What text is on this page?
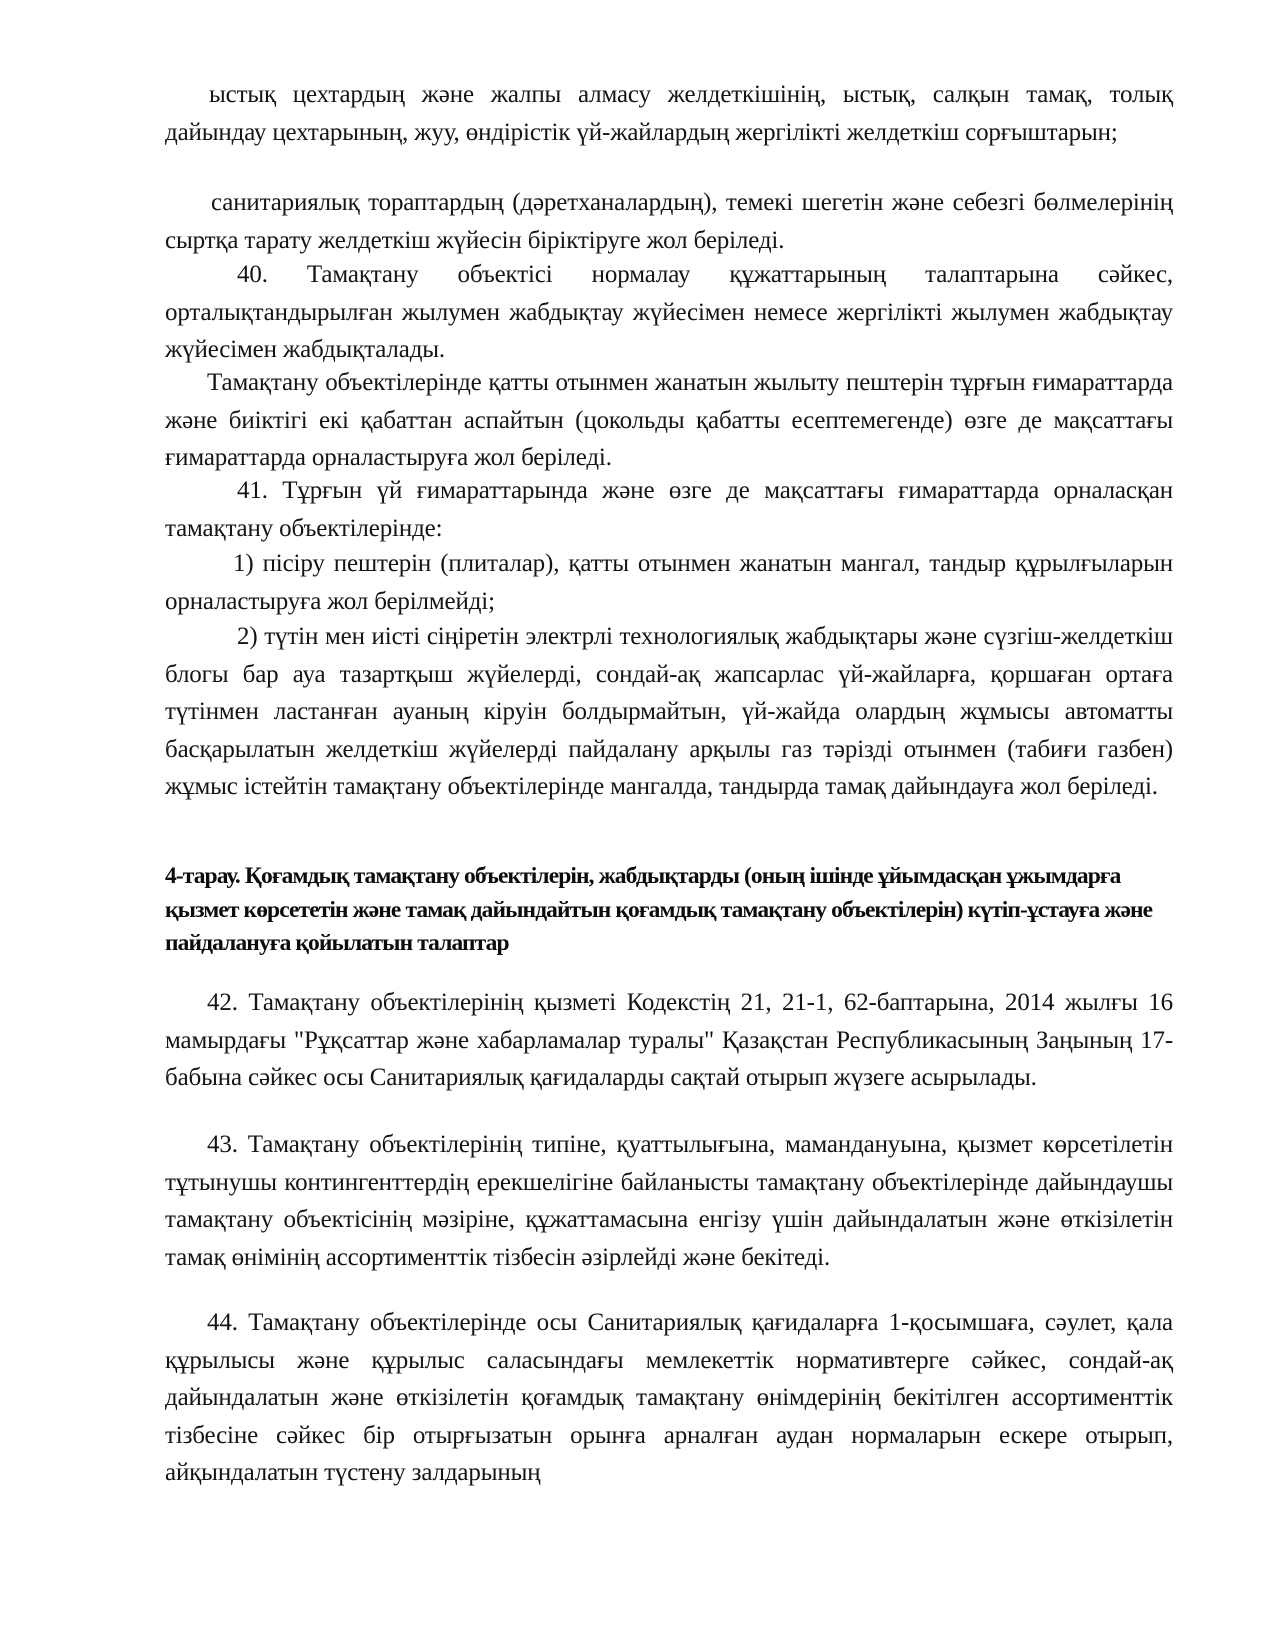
ыстық цехтардың және жалпы алмасу желдеткішінің, ыстық, салқын тамақ, толық дайындау цехтарының, жуу, өндірістік үй-жайлардың жергілікті желдеткіш сорғыштарын;

санитариялық тораптардың (дәретханалардың), темекі шегетін және себезгі бөлмелерінің сыртқа тарату желдеткіш жүйесін біріктіруге жол беріледі.

40. Тамақтану объектісі нормалау құжаттарының талаптарына сәйкес, орталықтандырылған жылумен жабдықтау жүйесімен немесе жергілікті жылумен жабдықтау жүйесімен жабдықталады.

Тамақтану объектілерінде қатты отынмен жанатын жылыту пештерін тұрғын ғимараттарда және биіктігі екі қабаттан аспайтын (цокольды қабатты есептемегенде) өзге де мақсаттағы ғимараттарда орналастыруға жол беріледі.

41. Тұрғын үй ғимараттарында және өзге де мақсаттағы ғимараттарда орналасқан тамақтану объектілерінде:

1) пісіру пештерін (плиталар), қатты отынмен жанатын мангал, тандыр құрылғыларын орналастыруға жол берілмейді;

2) түтін мен иісті сіңіретін электрлі технологиялық жабдықтары және сүзгіш-желдеткіш блогы бар ауа тазартқыш жүйелерді, сондай-ақ жапсарлас үй-жайларға, қоршаған ортаға түтінмен ластанған ауаның кіруін болдырмайтын, үй-жайда олардың жұмысы автоматты басқарылатын желдеткіш жүйелерді пайдалану арқылы газ тәрізді отынмен (табиғи газбен) жұмыс істейтін тамақтану объектілерінде мангалда, тандырда тамақ дайындауға жол беріледі.

4-тарау. Қоғамдық тамақтану объектілерін, жабдықтарды (оның ішінде ұйымдасқан ұжымдарға қызмет көрсететін және тамақ дайындайтын қоғамдық тамақтану объектілерін) күтіп-ұстауға және пайдалануға қойылатын талаптар

42. Тамақтану объектілерінің қызметі Кодекстің 21, 21-1, 62-баптарына, 2014 жылғы 16 мамырдағы "Рұқсаттар және хабарламалар туралы" Қазақстан Республикасының Заңының 17-бабына сәйкес осы Санитариялық қағидаларды сақтай отырып жүзеге асырылады.

43. Тамақтану объектілерінің типіне, қуаттылығына, мамандануына, қызмет көрсетілетін тұтынушы контингенттердің ерекшелігіне байланысты тамақтану объектілерінде дайындаушы тамақтану объектісінің мәзіріне, құжаттамасына енгізу үшін дайындалатын және өткізілетін тамақ өнімінің ассортименттік тізбесін әзірлейді және бекітеді.

44. Тамақтану объектілерінде осы Санитариялық қағидаларға 1-қосымшаға, сәулет, қала құрылысы және құрылыс саласындағы мемлекеттік нормативтерге сәйкес, сондай-ақ дайындалатын және өткізілетін қоғамдық тамақтану өнімдерінің бекітілген ассортименттік тізбесіне сәйкес бір отырғызатын орынға арналған аудан нормаларын ескере отырып, айқындалатын түстену залдарының
